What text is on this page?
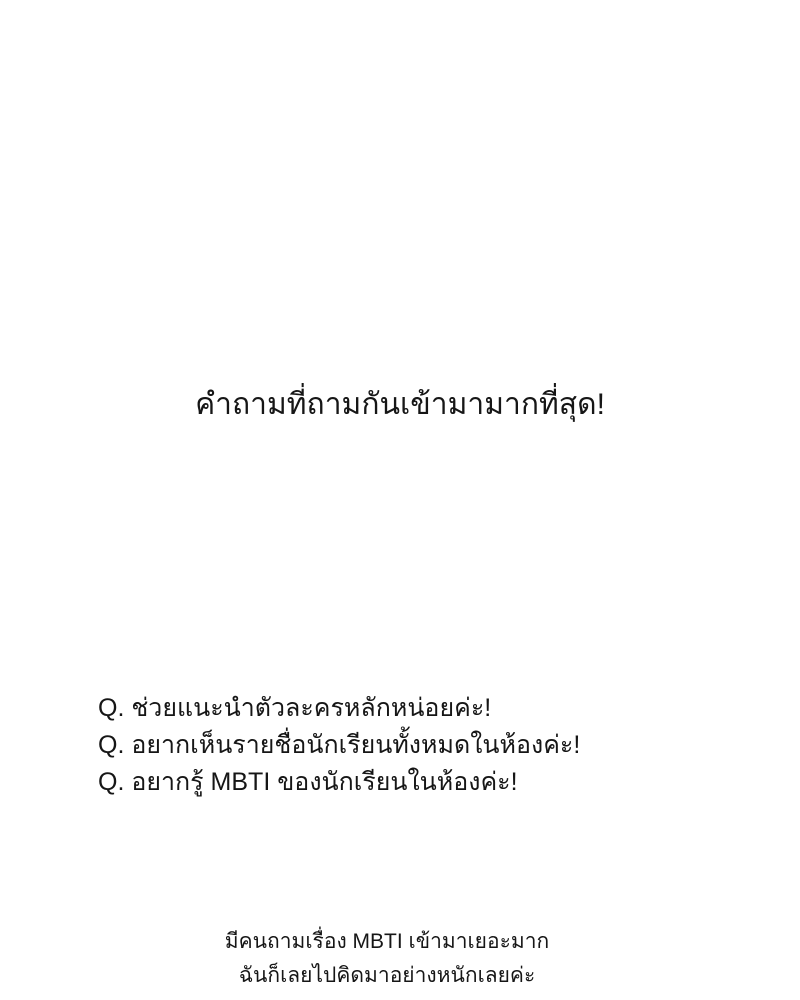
คำถามที่ถามกันเข้ามามากที่สุด!
Q. ช่วยแนะนำตัวละครหลักหน่อยค่ะ!
Q. อยากเห็นรายชื่อนักเรียนทั้งหมดในห้องค่ะ!
Q. อยากรู้ MBTI ของนักเรียนในห้องค่ะ!
มีคนถามเรื่อง MBTI เข้ามาเยอะมาก
ฉันก็เลยไปคิดมาอย่างหนักเลยค่ะ
